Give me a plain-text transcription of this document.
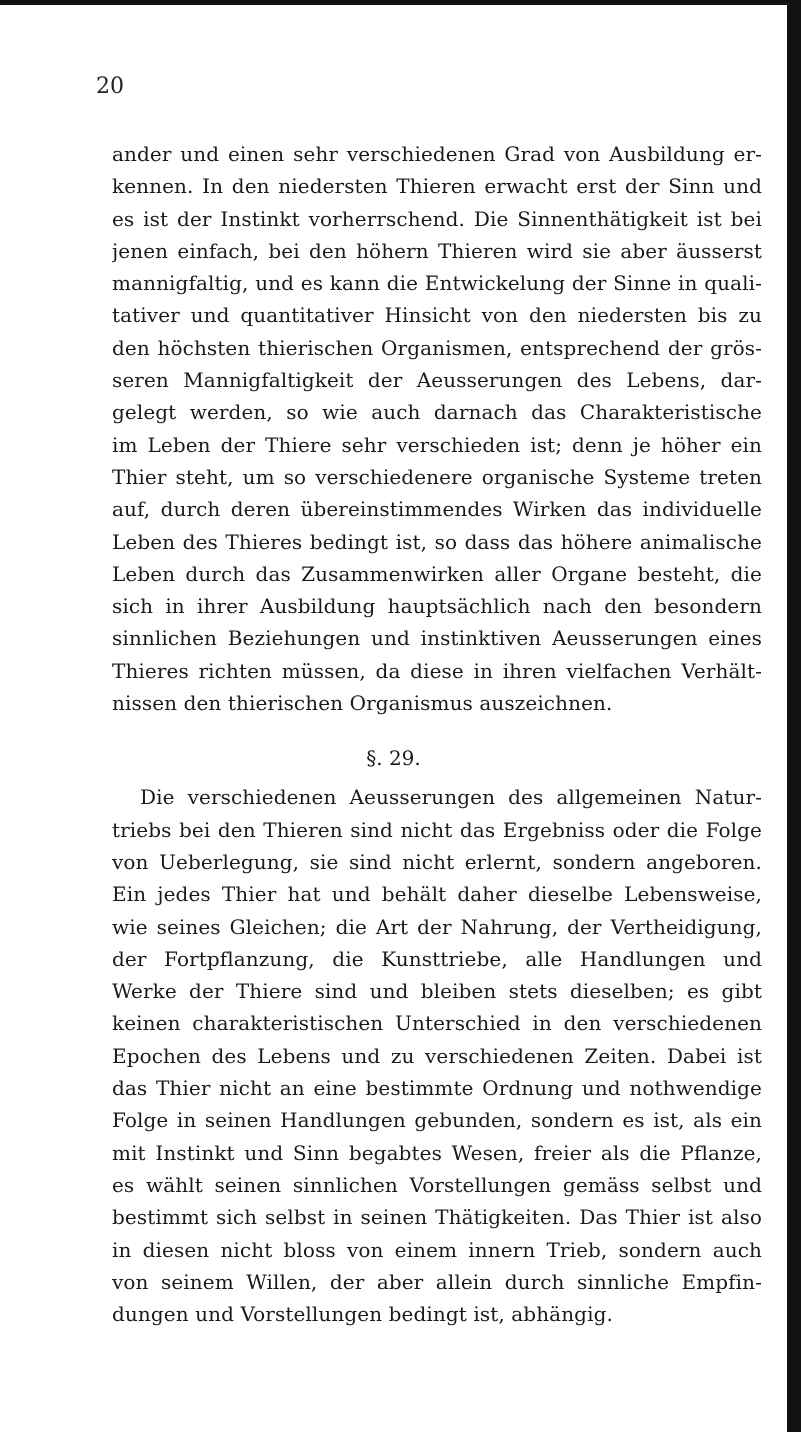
20
ander und einen sehr verschiedenen Grad von Ausbildung er-
kennen. In den niedersten Thieren erwacht erst der Sinn und
es ist der Instinkt vorherrschend. Die Sinnenthätigkeit ist bei
jenen einfach, bei den höhern Thieren wird sie aber äusserst
mannigfaltig, und es kann die Entwickelung der Sinne in quali-
tativer und quantitativer Hinsicht von den niedersten bis zu
den höchsten thierischen Organismen, entsprechend der grös-
seren Mannigfaltigkeit der Aeusserungen des Lebens, dar-
gelegt werden, so wie auch darnach das Charakteristische
im Leben der Thiere sehr verschieden ist; denn je höher ein
Thier steht, um so verschiedenere organische Systeme treten
auf, durch deren übereinstimmendes Wirken das individuelle
Leben des Thieres bedingt ist, so dass das höhere animalische
Leben durch das Zusammenwirken aller Organe besteht, die
sich in ihrer Ausbildung hauptsächlich nach den besondern
sinnlichen Beziehungen und instinktiven Aeusserungen eines
Thieres richten müssen, da diese in ihren vielfachen Verhält-
nissen den thierischen Organismus auszeichnen.
§. 29.
Die verschiedenen Aeusserungen des allgemeinen Natur-
triebs bei den Thieren sind nicht das Ergebniss oder die Folge
von Ueberlegung, sie sind nicht erlernt, sondern angeboren.
Ein jedes Thier hat und behält daher dieselbe Lebensweise,
wie seines Gleichen; die Art der Nahrung, der Vertheidigung,
der Fortpflanzung, die Kunsttriebe, alle Handlungen und
Werke der Thiere sind und bleiben stets dieselben; es gibt
keinen charakteristischen Unterschied in den verschiedenen
Epochen des Lebens und zu verschiedenen Zeiten. Dabei ist
das Thier nicht an eine bestimmte Ordnung und nothwendige
Folge in seinen Handlungen gebunden, sondern es ist, als ein
mit Instinkt und Sinn begabtes Wesen, freier als die Pflanze,
es wählt seinen sinnlichen Vorstellungen gemäss selbst und
bestimmt sich selbst in seinen Thätigkeiten. Das Thier ist also
in diesen nicht bloss von einem innern Trieb, sondern auch
von seinem Willen, der aber allein durch sinnliche Empfin-
dungen und Vorstellungen bedingt ist, abhängig.
